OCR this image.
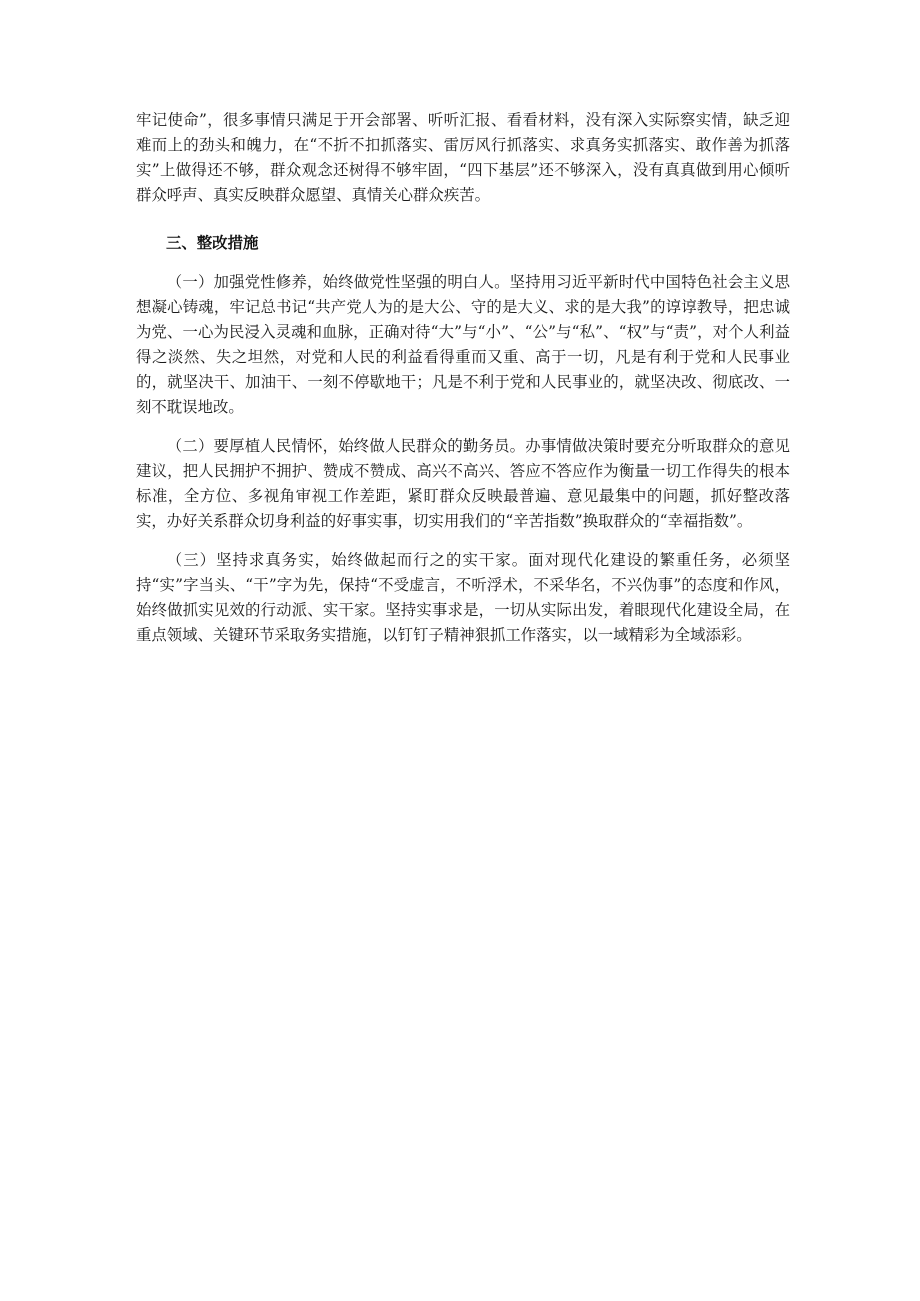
牢记使命”，很多事情只满足于开会部署、听听汇报、看看材料，没有深入实际察实情，缺乏迎难而上的劲头和魄力，在“不折不扣抓落实、雷厉风行抓落实、求真务实抓落实、敢作善为抓落实”上做得还不够，群众观念还树得不够牢固，“四下基层”还不够深入，没有真真做到用心倾听群众呼声、真实反映群众愿望、真情关心群众疾苦。

三、整改措施

（一）加强党性修养，始终做党性坚强的明白人。坚持用习近平新时代中国特色社会主义思想凝心铸魂，牢记总书记“共产党人为的是大公、守的是大义、求的是大我”的谆谆教导，把忠诚为党、一心为民浸入灵魂和血脉，正确对待“大”与“小”、“公”与“私”、“权”与“责”，对个人利益得之淡然、失之坦然，对党和人民的利益看得重而又重、高于一切，凡是有利于党和人民事业的，就坚决干、加油干、一刻不停歇地干；凡是不利于党和人民事业的，就坚决改、彻底改、一刻不耽误地改。

（二）要厚植人民情怀，始终做人民群众的勤务员。办事情做决策时要充分听取群众的意见建议，把人民拥护不拥护、赞成不赞成、高兴不高兴、答应不答应作为衡量一切工作得失的根本标准，全方位、多视角审视工作差距，紧盯群众反映最普遍、意见最集中的问题，抓好整改落实，办好关系群众切身利益的好事实事，切实用我们的“辛苦指数”换取群众的“幸福指数”。

（三）坚持求真务实，始终做起而行之的实干家。面对现代化建设的繁重任务，必须坚持“实”字当头、“干”字为先，保持“不受虚言，不听浮术，不采华名，不兴伪事”的态度和作风，始终做抓实见效的行动派、实干家。坚持实事求是，一切从实际出发，着眼现代化建设全局，在重点领域、关键环节采取务实措施，以钉钉子精神狠抓工作落实，以一域精彩为全域添彩。
